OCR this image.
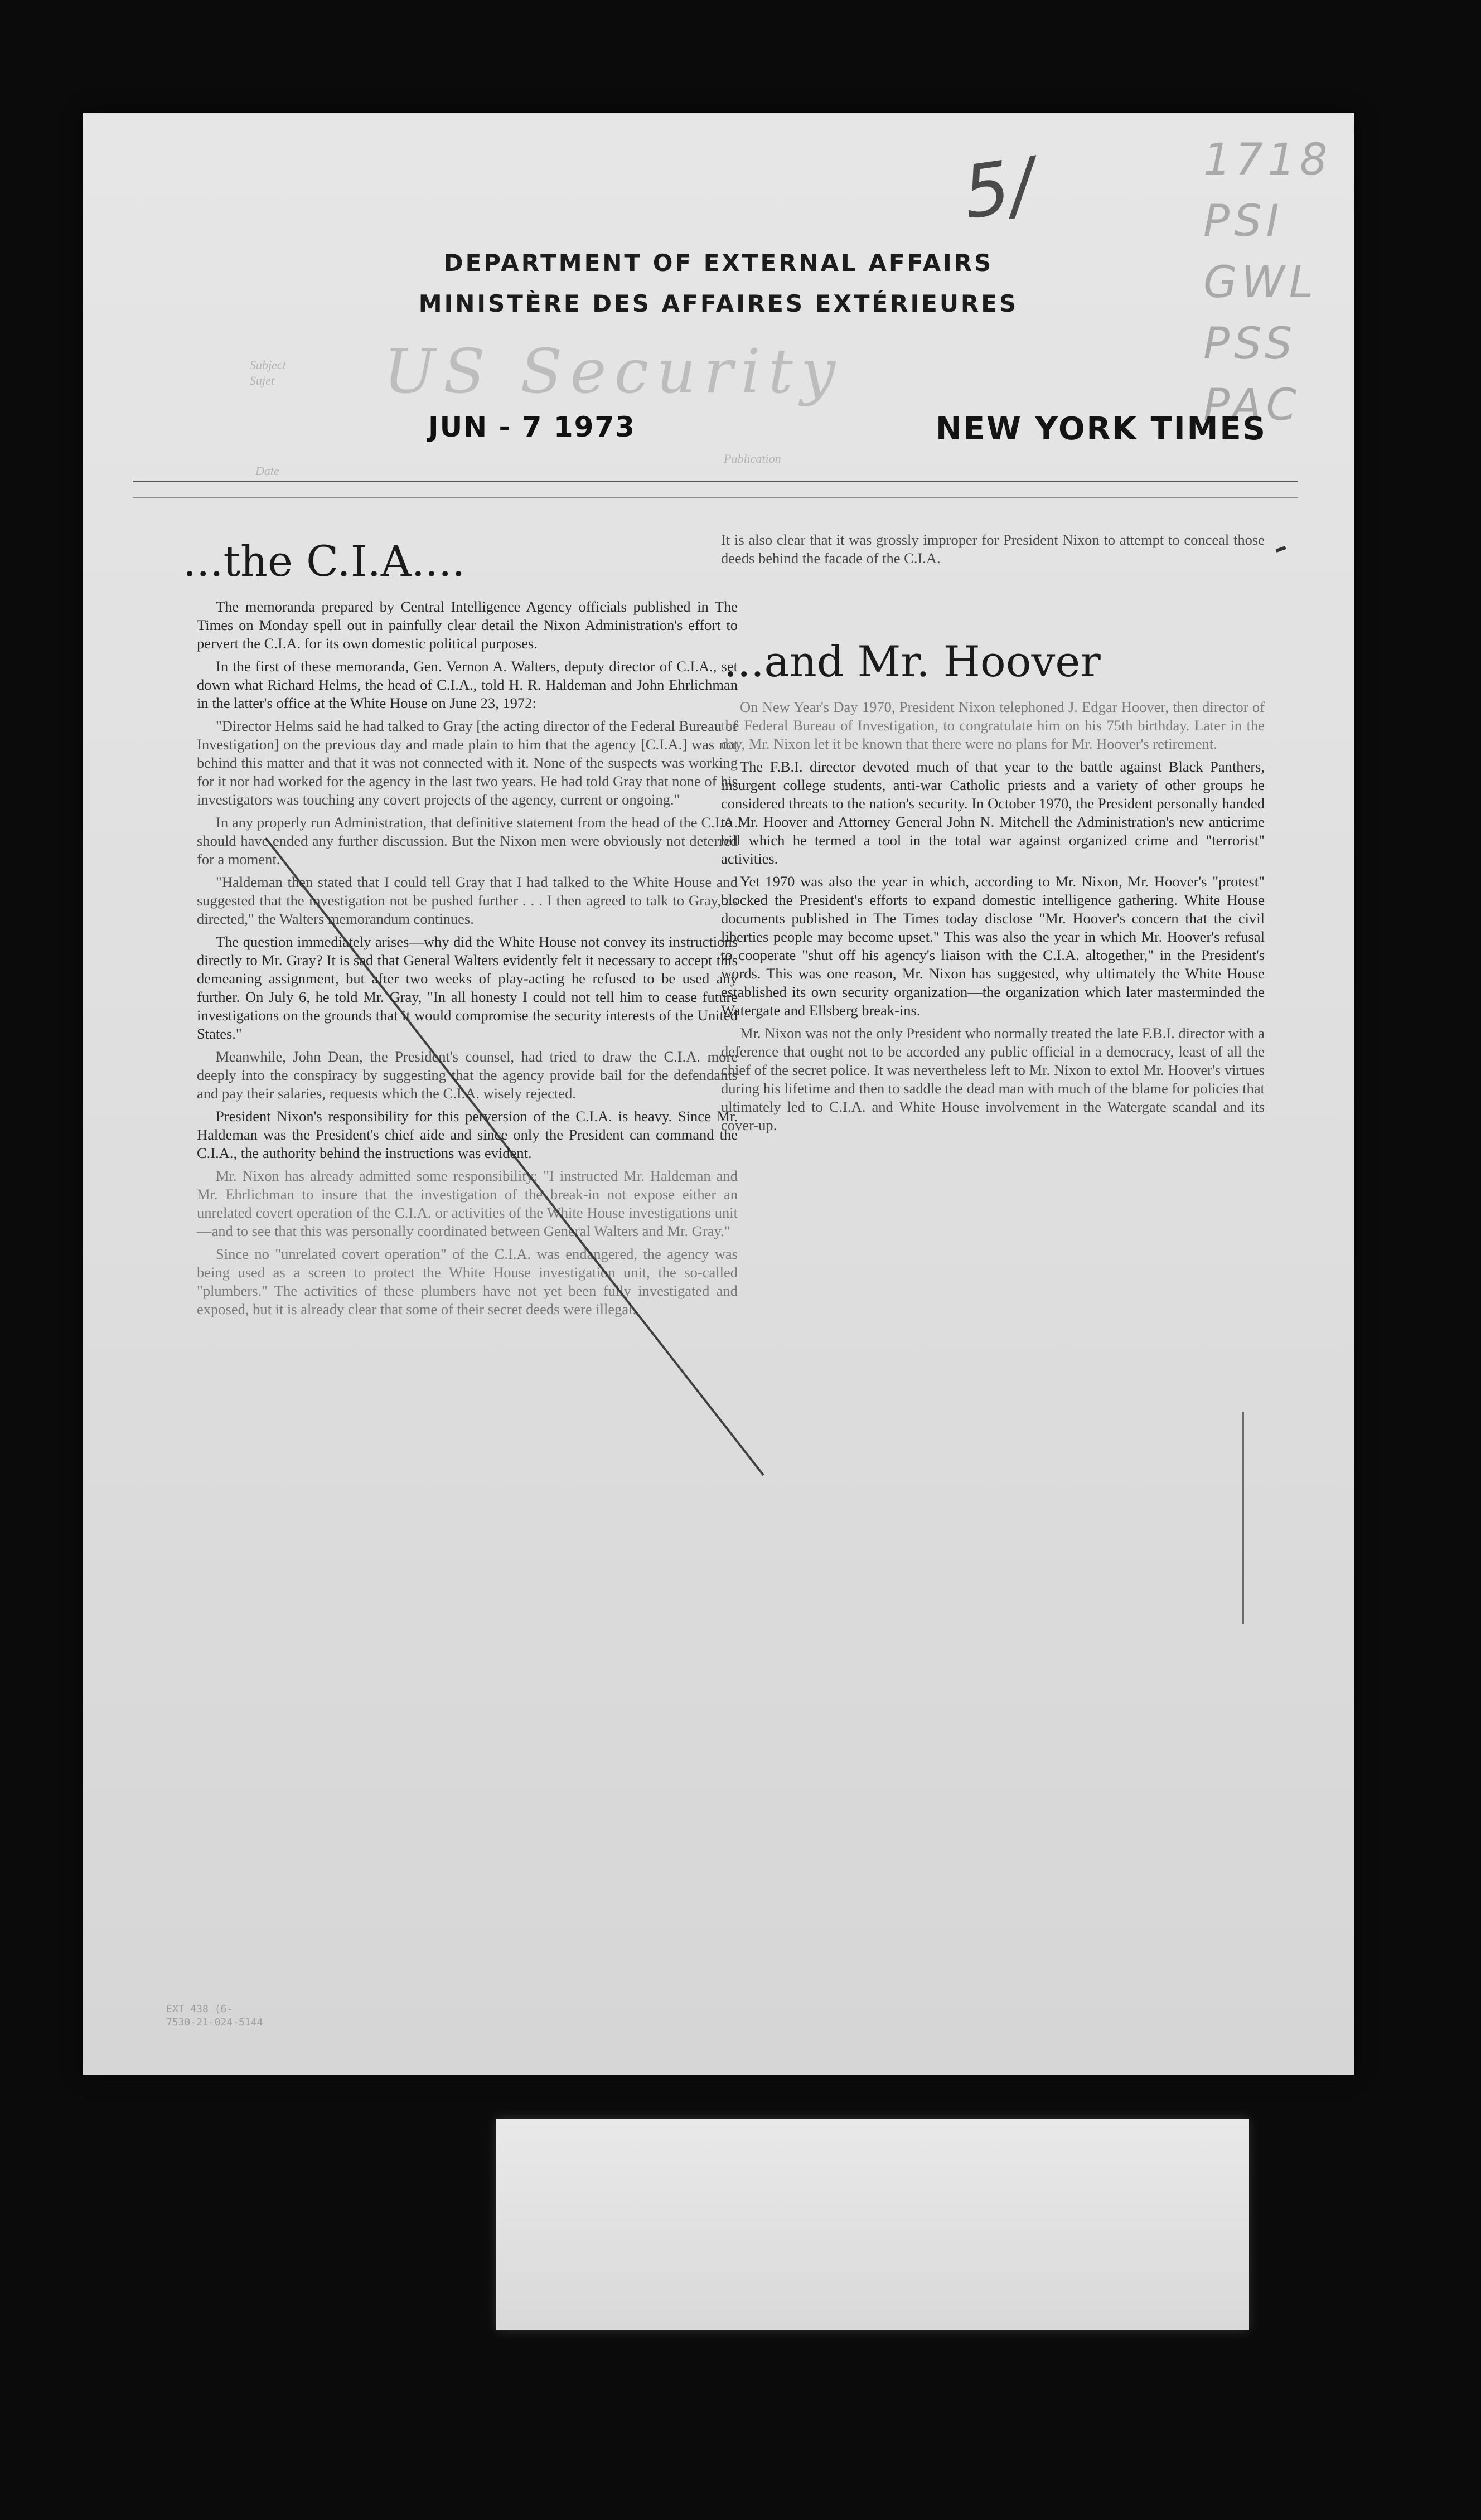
5/	1718
PSI
GWL
PSS
PAC
DEPARTMENT OF EXTERNAL AFFAIRS
MINISTÈRE DES AFFAIRES EXTÉRIEURES
Subject
Sujet US Security
JUN - 7 1973
Date
Publication
NEW YORK TIMES
...the C.I.A....

The memoranda prepared by Central Intelligence Agency officials published in The Times on Monday spell out in painfully clear detail the Nixon Administration's effort to pervert the C.I.A. for its own domestic political purposes.

In the first of these memoranda, Gen. Vernon A. Walters, deputy director of C.I.A., set down what Richard Helms, the head of C.I.A., told H. R. Haldeman and John Ehrlichman in the latter's office at the White House on June 23, 1972:

"Director Helms said he had talked to Gray [the acting director of the Federal Bureau of Investigation] on the previous day and made plain to him that the agency [C.I.A.] was not behind this matter and that it was not connected with it. None of the suspects was working for it nor had worked for the agency in the last two years. He had told Gray that none of his investigators was touching any covert projects of the agency, current or ongoing."

In any properly run Administration, that definitive statement from the head of the C.I.A. should have ended any further discussion. But the Nixon men were obviously not deterred for a moment.

"Haldeman then stated that I could tell Gray that I had talked to the White House and suggested that the investigation not be pushed further . . . I then agreed to talk to Gray, as directed," the Walters memorandum continues.

The question immediately arises—why did the White House not convey its instructions directly to Mr. Gray? It is sad that General Walters evidently felt it necessary to accept this demeaning assignment, but after two weeks of play-acting he refused to be used any further. On July 6, he told Mr. Gray, "In all honesty I could not tell him to cease future investigations on the grounds that it would compromise the security interests of the United States."

Meanwhile, John Dean, the President's counsel, had tried to draw the C.I.A. more deeply into the conspiracy by suggesting that the agency provide bail for the defendants and pay their salaries, requests which the C.I.A. wisely rejected.

President Nixon's responsibility for this perversion of the C.I.A. is heavy. Since Mr. Haldeman was the President's chief aide and since only the President can command the C.I.A., the authority behind the instructions was evident.

Mr. Nixon has already admitted some responsibility: "I instructed Mr. Haldeman and Mr. Ehrlichman to insure that the investigation of the break-in not expose either an unrelated covert operation of the C.I.A. or activities of the White House investigations unit—and to see that this was personally coordinated between General Walters and Mr. Gray."

Since no "unrelated covert operation" of the C.I.A. was endangered, the agency was being used as a screen to protect the White House investigation unit, the so-called "plumbers." The activities of these plumbers have not yet been fully investigated and exposed, but it is already clear that some of their secret deeds were illegal.

It is also clear that it was grossly improper for President Nixon to attempt to conceal those deeds behind the facade of the C.I.A.

...and Mr. Hoover

On New Year's Day 1970, President Nixon telephoned J. Edgar Hoover, then director of the Federal Bureau of Investigation, to congratulate him on his 75th birthday. Later in the day, Mr. Nixon let it be known that there were no plans for Mr. Hoover's retirement.

The F.B.I. director devoted much of that year to the battle against Black Panthers, insurgent college students, anti-war Catholic priests and a variety of other groups he considered threats to the nation's security. In October 1970, the President personally handed to Mr. Hoover and Attorney General John N. Mitchell the Administration's new anticrime bill which he termed a tool in the total war against organized crime and "terrorist" activities.

Yet 1970 was also the year in which, according to Mr. Nixon, Mr. Hoover's "protest" blocked the President's efforts to expand domestic intelligence gathering. White House documents published in The Times today disclose "Mr. Hoover's concern that the civil liberties people may become upset." This was also the year in which Mr. Hoover's refusal to cooperate "shut off his agency's liaison with the C.I.A. altogether," in the President's words. This was one reason, Mr. Nixon has suggested, why ultimately the White House established its own security organization—the organization which later masterminded the Watergate and Ellsberg break-ins.

Mr. Nixon was not the only President who normally treated the late F.B.I. director with a deference that ought not to be accorded any public official in a democracy, least of all the chief of the secret police. It was nevertheless left to Mr. Nixon to extol Mr. Hoover's virtues during his lifetime and then to saddle the dead man with much of the blame for policies that ultimately led to C.I.A. and White House involvement in the Watergate scandal and its cover-up.

EXT 438 (6-
7530-21-024-5144
